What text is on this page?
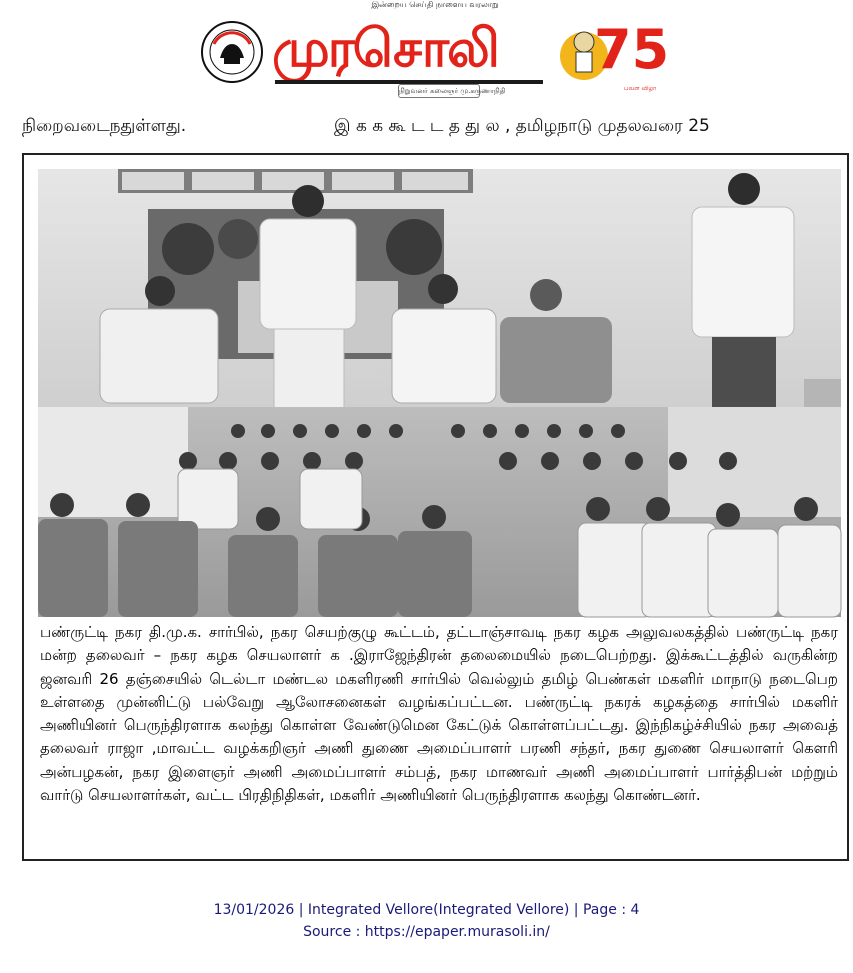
இன்றைய செய்தி நாளைய வரலாறு
முரசொலி
நிறுவனர் கலைஞர் மு.கருணாநிதி
75
பவள விழா
நிறைவடைநதுள்ளது.	இ க க கூ ட ட த து ல , தமிழநாடு முதலவரை 25
பண்ருட்டி நகர தி.மு.க. சார்பில், நகர செயற்குழு கூட்டம், தட்டாஞ்சாவடி நகர கழக அலுவலகத்தில் பண்ருட்டி நகர மன்ற தலைவர் – நகர கழக செயலாளர் க .இராஜேந்திரன் தலைமையில் நடைபெற்றது. இக்கூட்டத்தில் வருகின்ற ஜனவரி 26 தஞ்சையில் டெல்டா மண்டல மகளிரணி சார்பில் வெல்லும் தமிழ் பெண்கள் மகளிர் மாநாடு நடைபெற உள்ளதை முன்னிட்டு பல்வேறு ஆலோசனைகள் வழங்கப்பட்டன. பண்ருட்டி நகரக் கழகத்தை சார்பில் மகளிர் அணியினர் பெருந்திரளாக கலந்து கொள்ள வேண்டுமென கேட்டுக் கொள்ளப்பட்டது. இந்நிகழ்ச்சியில் நகர அவைத் தலைவர் ராஜா ,மாவட்ட வழக்கறிஞர் அணி துணை அமைப்பாளர் பரணி சந்தர், நகர துணை செயலாளர் கௌரி அன்பழகன், நகர இளைஞர் அணி அமைப்பாளர் சம்பத், நகர மாணவர் அணி அமைப்பாளர் பார்த்திபன் மற்றும் வார்டு செயலாளர்கள், வட்ட பிரதிநிதிகள், மகளிர் அணியினர் பெருந்திரளாக கலந்து கொண்டனர்.
13/01/2026 | Integrated Vellore(Integrated Vellore) | Page : 4
Source : https://epaper.murasoli.in/
